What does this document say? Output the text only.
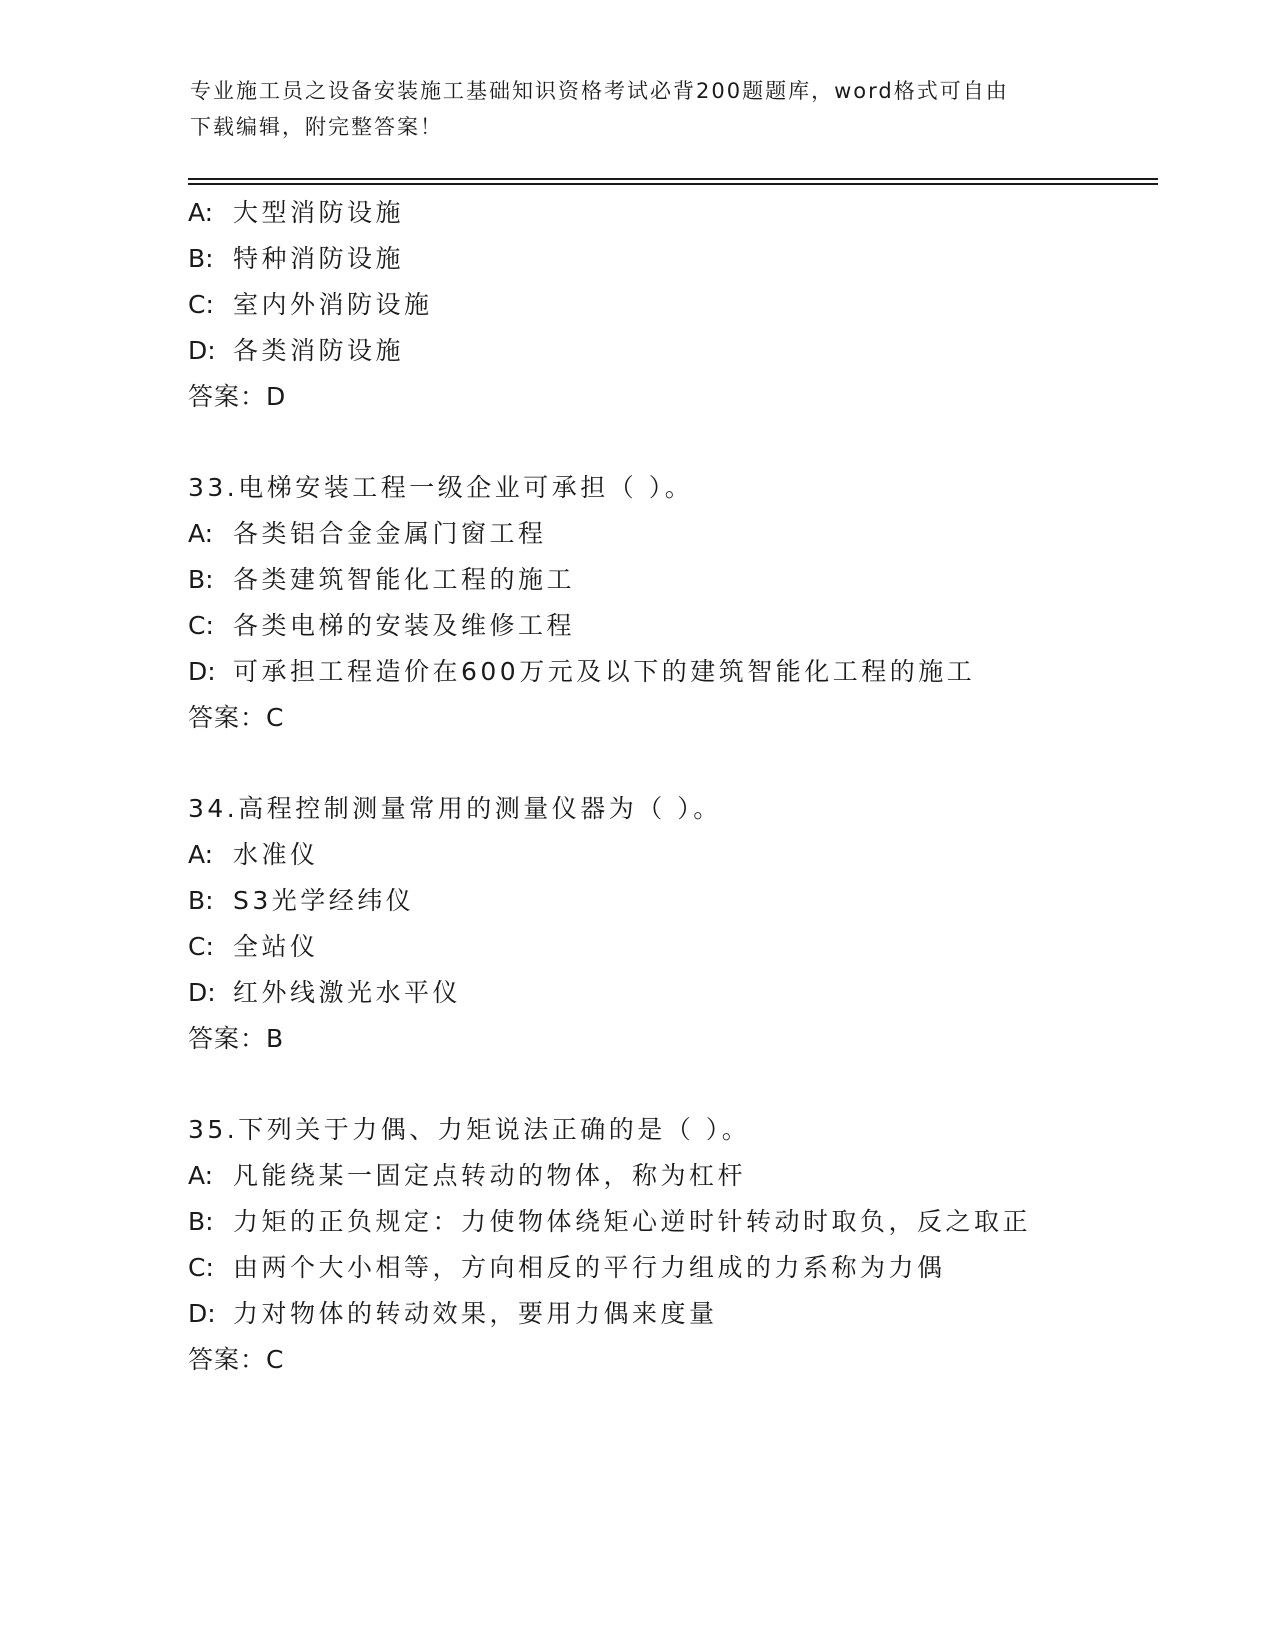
专业施工员之设备安装施工基础知识资格考试必背200题题库，word格式可自由
下载编辑，附完整答案！
A: 大型消防设施
B: 特种消防设施
C: 室内外消防设施
D: 各类消防设施
答案：D
33.电梯安装工程一级企业可承担（ ）。
A: 各类铝合金金属门窗工程
B: 各类建筑智能化工程的施工
C: 各类电梯的安装及维修工程
D: 可承担工程造价在600万元及以下的建筑智能化工程的施工
答案：C
34.高程控制测量常用的测量仪器为（ ）。
A: 水准仪
B: S3光学经纬仪
C: 全站仪
D: 红外线激光水平仪
答案：B
35.下列关于力偶、力矩说法正确的是（ ）。
A: 凡能绕某一固定点转动的物体，称为杠杆
B: 力矩的正负规定：力使物体绕矩心逆时针转动时取负，反之取正
C: 由两个大小相等，方向相反的平行力组成的力系称为力偶
D: 力对物体的转动效果，要用力偶来度量
答案：C
